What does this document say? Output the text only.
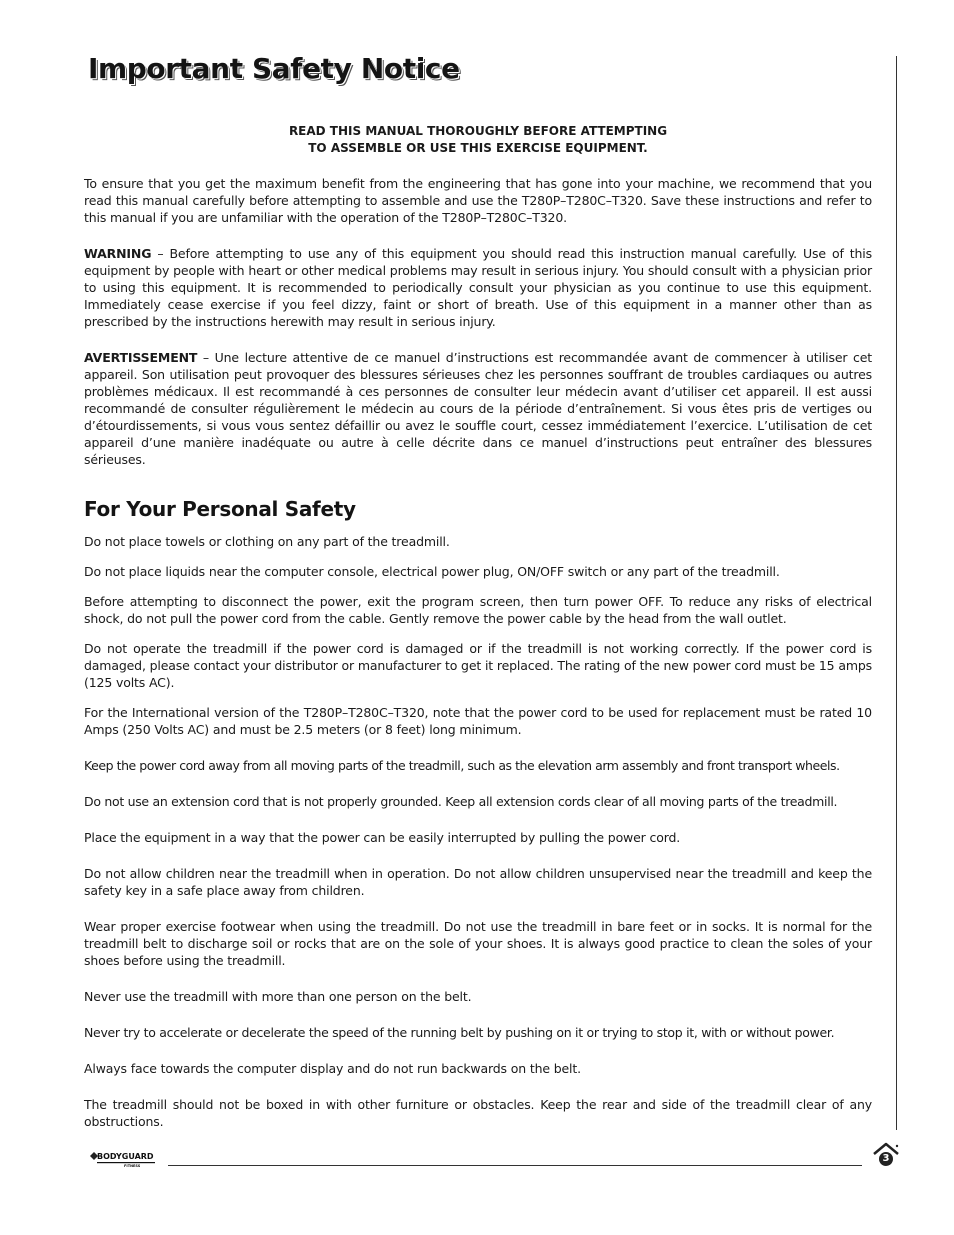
Important Safety Notice
READ THIS MANUAL THOROUGHLY BEFORE ATTEMPTING
TO ASSEMBLE OR USE THIS EXERCISE EQUIPMENT.

To ensure that you get the maximum benefit from the engineering that has gone into your machine, we recommend that you read this manual carefully before attempting to assemble and use the T280P–T280C–T320. Save these instructions and refer to this manual if you are unfamiliar with the operation of the T280P–T280C–T320.

WARNING – Before attempting to use any of this equipment you should read this instruction manual carefully. Use of this equipment by people with heart or other medical problems may result in serious injury. You should consult with a physician prior to using this equipment. It is recommended to periodically consult your physician as you continue to use this equipment. Immediately cease exercise if you feel dizzy, faint or short of breath. Use of this equipment in a manner other than as prescribed by the instructions herewith may result in serious injury.

AVERTISSEMENT – Une lecture attentive de ce manuel d’instructions est recommandée avant de commencer à utiliser cet appareil. Son utilisation peut provoquer des blessures sérieuses chez les personnes souffrant de troubles cardiaques ou autres problèmes médicaux. Il est recommandé à ces personnes de consulter leur médecin avant d’utiliser cet appareil. Il est aussi recommandé de consulter régulièrement le médecin au cours de la période d’entraînement. Si vous êtes pris de vertiges ou d’étourdissements, si vous vous sentez défaillir ou avez le souffle court, cessez immédiatement l’exercice. L’utilisation de cet appareil d’une manière inadéquate ou autre à celle décrite dans ce manuel d’instructions peut entraîner des blessures sérieuses.

For Your Personal Safety

Do not place towels or clothing on any part of the treadmill.

Do not place liquids near the computer console, electrical power plug, ON/OFF switch or any part of the treadmill.

Before attempting to disconnect the power, exit the program screen, then turn power OFF. To reduce any risks of electrical shock, do not pull the power cord from the cable. Gently remove the power cable by the head from the wall outlet.

Do not operate the treadmill if the power cord is damaged or if the treadmill is not working correctly. If the power cord is damaged, please contact your distributor or manufacturer to get it replaced. The rating of the new power cord must be 15 amps (125 volts AC).

For the International version of the T280P–T280C–T320, note that the power cord to be used for replacement must be rated 10 Amps (250 Volts AC) and must be 2.5 meters (or 8 feet) long minimum.

Keep the power cord away from all moving parts of the treadmill, such as the elevation arm assembly and front transport wheels.

Do not use an extension cord that is not properly grounded. Keep all extension cords clear of all moving parts of the treadmill.

Place the equipment in a way that the power can be easily interrupted by pulling the power cord.

Do not allow children near the treadmill when in operation. Do not allow children unsupervised near the treadmill and keep the safety key in a safe place away from children.

Wear proper exercise footwear when using the treadmill. Do not use the treadmill in bare feet or in socks. It is normal for the treadmill belt to discharge soil or rocks that are on the sole of your shoes. It is always good practice to clean the soles of your shoes before using the treadmill.

Never use the treadmill with more than one person on the belt.

Never try to accelerate or decelerate the speed of the running belt by pushing on it or trying to stop it, with or without power.

Always face towards the computer display and do not run backwards on the belt.

The treadmill should not be boxed in with other furniture or obstacles. Keep the rear and side of the treadmill clear of any obstructions.

BODYGUARD
FITNESS
3
